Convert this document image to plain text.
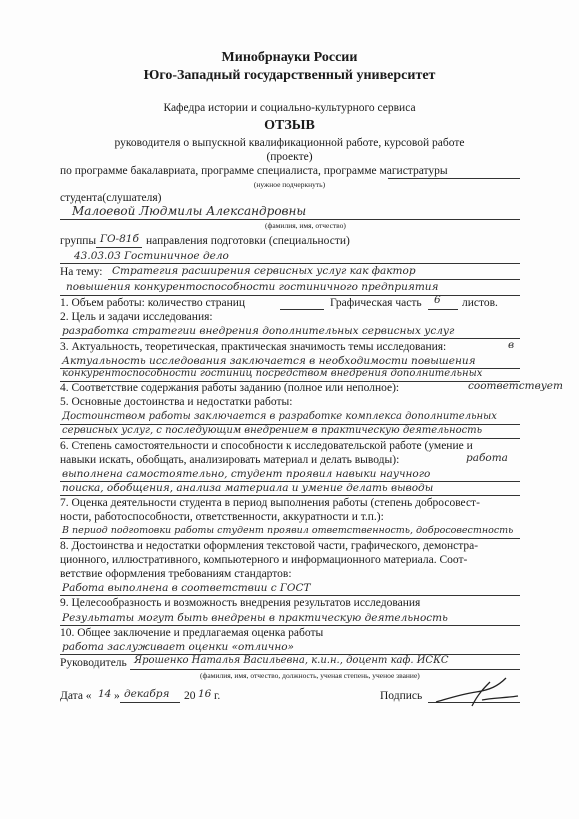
Минобрнауки России
Юго-Западный государственный университет
Кафедра истории и социально-культурного сервиса
ОТЗЫВ
руководителя о выпускной квалификационной работе, курсовой работе
(проекте)
по программе бакалавриата, программе специалиста, программе магистратуры
(нужное подчеркнуть)
студента(слушателя)
Малоевой Людмилы Александровны
(фамилия, имя, отчество)
группы ГО-81б направления подготовки (специальности)
43.03.03 Гостиничное дело
На тему: Стратегия расширения сервисных услуг как фактор
повышения конкурентоспособности гостиничного предприятия
1. Объем работы: количество страниц	Графическая часть 6 листов.
2. Цель и задачи исследования:
разработка стратегии внедрения дополнительных сервисных услуг
3. Актуальность, теоретическая, практическая значимость темы исследования:	в
Актуальность исследования заключается в необходимости повышения
конкурентоспособности гостиниц посредством внедрения дополнительных
4. Соответствие содержания работы заданию (полное или неполное):	соответствует
5. Основные достоинства и недостатки работы:
Достоинством работы заключается в разработке комплекса дополнительных
сервисных услуг, с последующим внедрением в практическую деятельность
6. Степень самостоятельности и способности к исследовательской работе (умение и
навыки искать, обобщать, анализировать материал и делать выводы):	работа
выполнена самостоятельно, студент проявил навыки научного
поиска, обобщения, анализа материала и умение делать выводы
7. Оценка деятельности студента в период выполнения работы (степень добросовест-
ности, работоспособности, ответственности, аккуратности и т.п.):
В период подготовки работы студент проявил ответственность, добросовестность
8. Достоинства и недостатки оформления текстовой части, графического, демонстра-
ционного, иллюстративного, компьютерного и информационного материала. Соот-
ветствие оформления требованиям стандартов:
Работа выполнена в соответствии с ГОСТ
9. Целесообразность и возможность внедрения результатов исследования
Результаты могут быть внедрены в практическую деятельность
10. Общее заключение и предлагаемая оценка работы
работа заслуживает оценки «отлично»
Руководитель Ярошенко Наталья Васильевна, к.и.н., доцент каф. ИСКС
(фамилия, имя, отчество, должность, ученая степень, ученое звание)
Дата « 14 » декабря 20 16 г.	Подпись
